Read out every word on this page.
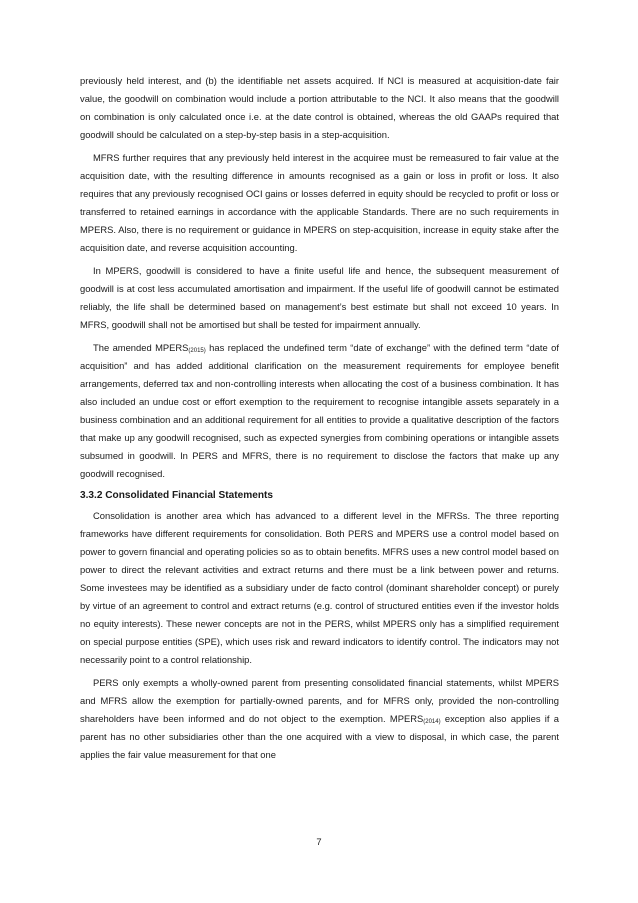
previously held interest, and (b) the identifiable net assets acquired. If NCI is measured at acquisition-date fair value, the goodwill on combination would include a portion attributable to the NCI. It also means that the goodwill on combination is only calculated once i.e. at the date control is obtained, whereas the old GAAPs required that goodwill should be calculated on a step-by-step basis in a step-acquisition.

MFRS further requires that any previously held interest in the acquiree must be remeasured to fair value at the acquisition date, with the resulting difference in amounts recognised as a gain or loss in profit or loss. It also requires that any previously recognised OCI gains or losses deferred in equity should be recycled to profit or loss or transferred to retained earnings in accordance with the applicable Standards. There are no such requirements in MPERS. Also, there is no requirement or guidance in MPERS on step-acquisition, increase in equity stake after the acquisition date, and reverse acquisition accounting.

In MPERS, goodwill is considered to have a finite useful life and hence, the subsequent measurement of goodwill is at cost less accumulated amortisation and impairment. If the useful life of goodwill cannot be estimated reliably, the life shall be determined based on management’s best estimate but shall not exceed 10 years. In MFRS, goodwill shall not be amortised but shall be tested for impairment annually.

The amended $MPERS_{(2015)}$ has replaced the undefined term “date of exchange” with the defined term “date of acquisition” and has added additional clarification on the measurement requirements for employee benefit arrangements, deferred tax and non-controlling interests when allocating the cost of a business combination. It has also included an undue cost or effort exemption to the requirement to recognise intangible assets separately in a business combination and an additional requirement for all entities to provide a qualitative description of the factors that make up any goodwill recognised, such as expected synergies from combining operations or intangible assets subsumed in goodwill. In PERS and MFRS, there is no requirement to disclose the factors that make up any goodwill recognised.

3.3.2 Consolidated Financial Statements

Consolidation is another area which has advanced to a different level in the MFRSs. The three reporting frameworks have different requirements for consolidation. Both PERS and MPERS use a control model based on power to govern financial and operating policies so as to obtain benefits. MFRS uses a new control model based on power to direct the relevant activities and extract returns and there must be a link between power and returns. Some investees may be identified as a subsidiary under de facto control (dominant shareholder concept) or purely by virtue of an agreement to control and extract returns (e.g. control of structured entities even if the investor holds no equity interests). These newer concepts are not in the PERS, whilst MPERS only has a simplified requirement on special purpose entities (SPE), which uses risk and reward indicators to identify control. The indicators may not necessarily point to a control relationship.

PERS only exempts a wholly-owned parent from presenting consolidated financial statements, whilst MPERS and MFRS allow the exemption for partially-owned parents, and for MFRS only, provided the non-controlling shareholders have been informed and do not object to the exemption. $MPERS_{(2014)}$ exception also applies if a parent has no other subsidiaries other than the one acquired with a view to disposal, in which case, the parent applies the fair value measurement for that one

7
